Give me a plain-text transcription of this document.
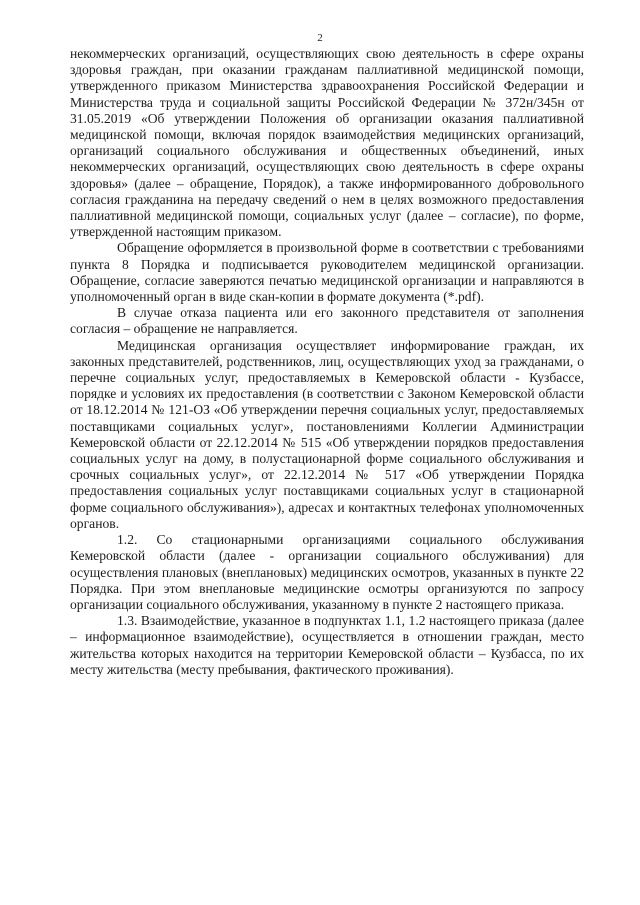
2

некоммерческих организаций, осуществляющих свою деятельность в сфере охраны здоровья граждан, при оказании гражданам паллиативной медицинской помощи, утвержденного приказом Министерства здравоохранения Российской Федерации и Министерства труда и социальной защиты Российской Федерации № 372н/345н от 31.05.2019 «Об утверждении Положения об организации оказания паллиативной медицинской помощи, включая порядок взаимодействия медицинских организаций, организаций социального обслуживания и общественных объединений, иных некоммерческих организаций, осуществляющих свою деятельность в сфере охраны здоровья» (далее – обращение, Порядок), а также информированного добровольного согласия гражданина на передачу сведений о нем в целях возможного предоставления паллиативной медицинской помощи, социальных услуг (далее – согласие), по форме, утвержденной настоящим приказом.

Обращение оформляется в произвольной форме в соответствии с требованиями пункта 8 Порядка и подписывается руководителем медицинской организации. Обращение, согласие заверяются печатью медицинской организации и направляются в уполномоченный орган в виде скан-копии в формате документа (*.pdf).

В случае отказа пациента или его законного представителя от заполнения согласия – обращение не направляется.

Медицинская организация осуществляет информирование граждан, их законных представителей, родственников, лиц, осуществляющих уход за гражданами, о перечне социальных услуг, предоставляемых в Кемеровской области - Кузбассе, порядке и условиях их предоставления (в соответствии с Законом Кемеровской области от 18.12.2014 № 121-ОЗ «Об утверждении перечня социальных услуг, предоставляемых поставщиками социальных услуг», постановлениями Коллегии Администрации Кемеровской области от 22.12.2014 № 515 «Об утверждении порядков предоставления социальных услуг на дому, в полустационарной форме социального обслуживания и срочных социальных услуг», от 22.12.2014 № 517 «Об утверждении Порядка предоставления социальных услуг поставщиками социальных услуг в стационарной форме социального обслуживания»), адресах и контактных телефонах уполномоченных органов.

1.2. Со стационарными организациями социального обслуживания Кемеровской области (далее - организации социального обслуживания) для осуществления плановых (внеплановых) медицинских осмотров, указанных в пункте 22 Порядка. При этом внеплановые медицинские осмотры организуются по запросу организации социального обслуживания, указанному в пункте 2 настоящего приказа.

1.3. Взаимодействие, указанное в подпунктах 1.1, 1.2 настоящего приказа (далее – информационное взаимодействие), осуществляется в отношении граждан, место жительства которых находится на территории Кемеровской области – Кузбасса, по их месту жительства (месту пребывания, фактического проживания).
